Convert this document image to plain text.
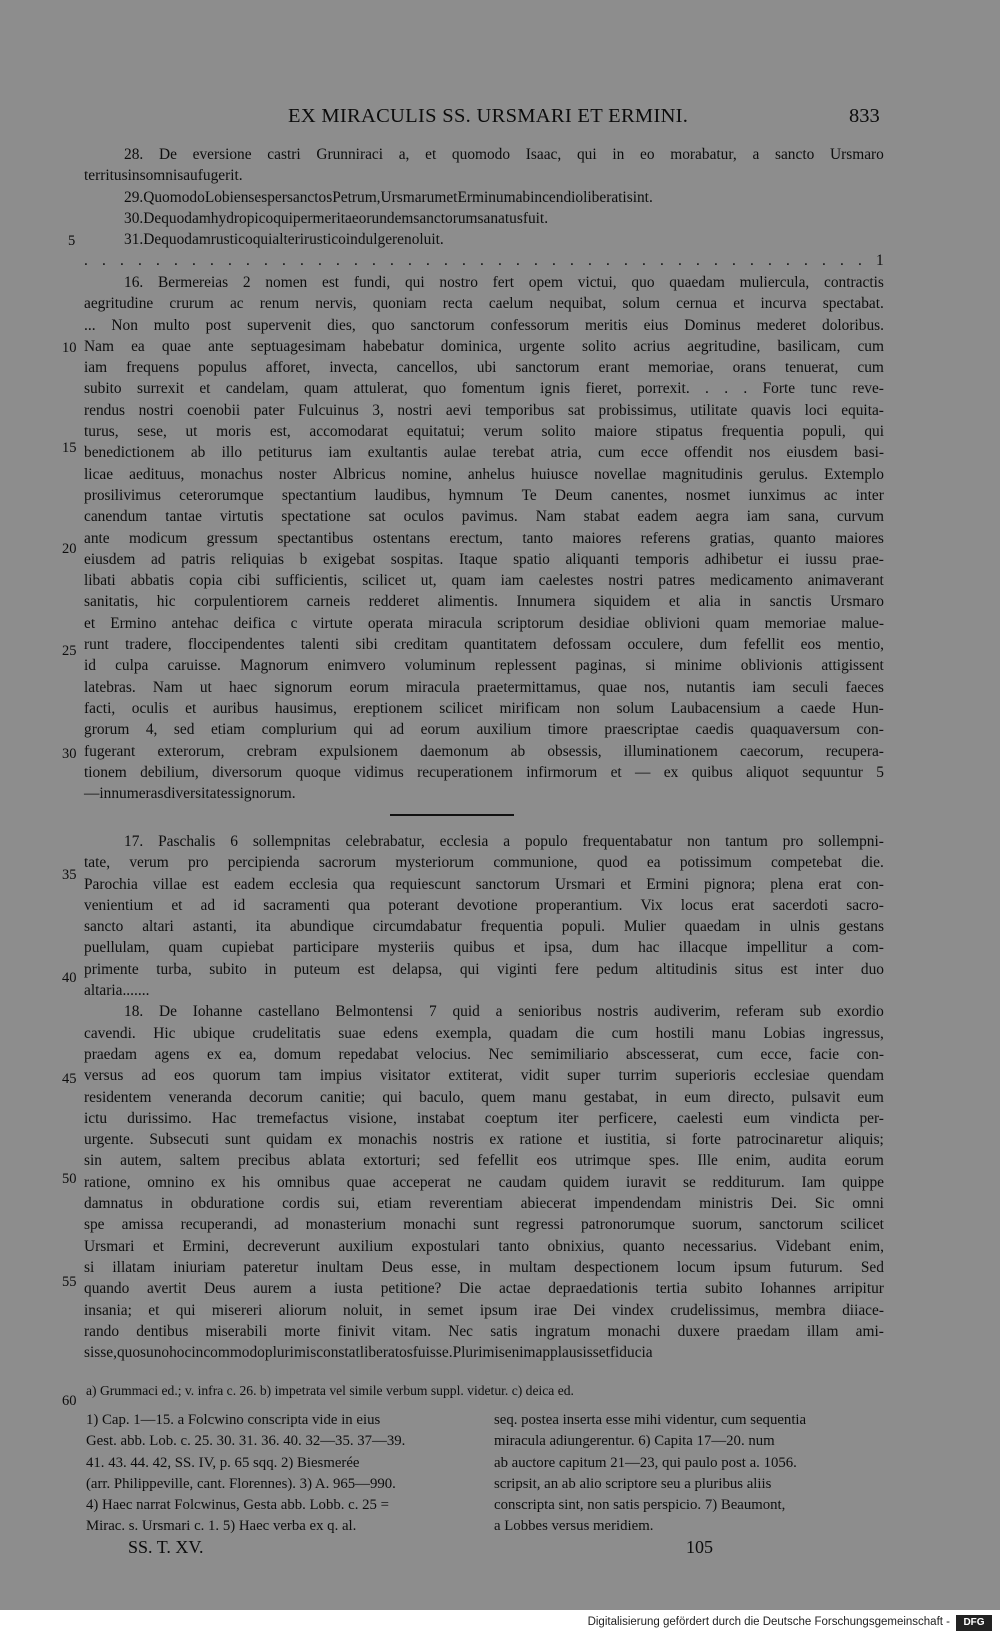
EX MIRACULIS SS. URSMARI ET ERMINI.	833
28. De eversione castri Grunniraci a, et quomodo Isaac, qui in eo morabatur, a sancto Ursmaro
territus in somnis aufugerit.
29. Quomodo Lobienses per sanctos Petrum, Ursmarum et Erminum ab incendio liberati sint.
30. De quodam hydropico qui per merita eorundem sanctorum sanatus fuit.
31. De quodam rustico qui alteri rustico indulgere noluit.
. . . . . . . . . . . . . . . . . . . . . . . . . . . . . . . . . . . . . . . . . . . . 1
16. Bermereias 2 nomen est fundi, qui nostro fert opem victui, quo quaedam muliercula, contractis
aegritudine crurum ac renum nervis, quoniam recta caelum nequibat, solum cernua et incurva spectabat.
... Non multo post supervenit dies, quo sanctorum confessorum meritis eius Dominus mederet doloribus.
Nam ea quae ante septuagesimam habebatur dominica, urgente solito acrius aegritudine, basilicam, cum
iam frequens populus afforet, invecta, cancellos, ubi sanctorum erant memoriae, orans tenuerat, cum
subito surrexit et candelam, quam attulerat, quo fomentum ignis fieret, porrexit. . . . Forte tunc reve-
rendus nostri coenobii pater Fulcuinus 3, nostri aevi temporibus sat probissimus, utilitate quavis loci equita-
turus, sese, ut moris est, accomodarat equitatui; verum solito maiore stipatus frequentia populi, qui
benedictionem ab illo petiturus iam exultantis aulae terebat atria, cum ecce offendit nos eiusdem basi-
licae aedituus, monachus noster Albricus nomine, anhelus huiusce novellae magnitudinis gerulus. Extemplo
prosilivimus ceterorumque spectantium laudibus, hymnum Te Deum canentes, nosmet iunximus ac inter
canendum tantae virtutis spectatione sat oculos pavimus. Nam stabat eadem aegra iam sana, curvum
ante modicum gressum spectantibus ostentans erectum, tanto maiores referens gratias, quanto maiores
eiusdem ad patris reliquias b exigebat sospitas. Itaque spatio aliquanti temporis adhibetur ei iussu prae-
libati abbatis copia cibi sufficientis, scilicet ut, quam iam caelestes nostri patres medicamento animaverant
sanitatis, hic corpulentiorem carneis redderet alimentis. Innumera siquidem et alia in sanctis Ursmaro
et Ermino antehac deifica c virtute operata miracula scriptorum desidiae oblivioni quam memoriae malue-
runt tradere, floccipendentes talenti sibi creditam quantitatem defossam occulere, dum fefellit eos mentio,
id culpa caruisse. Magnorum enimvero voluminum replessent paginas, si minime oblivionis attigissent
latebras. Nam ut haec signorum eorum miracula praetermittamus, quae nos, nutantis iam seculi faeces
facti, oculis et auribus hausimus, ereptionem scilicet mirificam non solum Laubacensium a caede Hun-
grorum 4, sed etiam complurium qui ad eorum auxilium timore praescriptae caedis quaquaversum con-
fugerant exterorum, crebram expulsionem daemonum ab obsessis, illuminationem caecorum, recupera-
tionem debilium, diversorum quoque vidimus recuperationem infirmorum et — ex quibus aliquot sequuntur 5
— innumeras diversitates signorum.
17. Paschalis 6 sollempnitas celebrabatur, ecclesia a populo frequentabatur non tantum pro sollempni-
tate, verum pro percipienda sacrorum mysteriorum communione, quod ea potissimum competebat die.
Parochia villae est eadem ecclesia qua requiescunt sanctorum Ursmari et Ermini pignora; plena erat con-
venientium et ad id sacramenti qua poterant devotione properantium. Vix locus erat sacerdoti sacro-
sancto altari astanti, ita abundique circumdabatur frequentia populi. Mulier quaedam in ulnis gestans
puellulam, quam cupiebat participare mysteriis quibus et ipsa, dum hac illacque impellitur a com-
primente turba, subito in puteum est delapsa, qui viginti fere pedum altitudinis situs est inter duo
altaria. . . . . . .
18. De Iohanne castellano Belmontensi 7 quid a senioribus nostris audiverim, referam sub exordio
cavendi. Hic ubique crudelitatis suae edens exempla, quadam die cum hostili manu Lobias ingressus,
praedam agens ex ea, domum repedabat velocius. Nec semimiliario abscesserat, cum ecce, facie con-
versus ad eos quorum tam impius visitator extiterat, vidit super turrim superioris ecclesiae quendam
residentem veneranda decorum canitie; qui baculo, quem manu gestabat, in eum directo, pulsavit eum
ictu durissimo. Hac tremefactus visione, instabat coeptum iter perficere, caelesti eum vindicta per-
urgente. Subsecuti sunt quidam ex monachis nostris ex ratione et iustitia, si forte patrocinaretur aliquis;
sin autem, saltem precibus ablata extorturi; sed fefellit eos utrimque spes. Ille enim, audita eorum
ratione, omnino ex his omnibus quae acceperat ne caudam quidem iuravit se redditurum. Iam quippe
damnatus in obduratione cordis sui, etiam reverentiam abiecerat impendendam ministris Dei. Sic omni
spe amissa recuperandi, ad monasterium monachi sunt regressi patronorumque suorum, sanctorum scilicet
Ursmari et Ermini, decreverunt auxilium expostulari tanto obnixius, quanto necessarius. Videbant enim,
si illatam iniuriam pateretur inultam Deus esse, in multam despectionem locum ipsum futurum. Sed
quando avertit Deus aurem a iusta petitione? Die actae depraedationis tertia subito Iohannes arripitur
insania; et qui misereri aliorum noluit, in semet ipsum irae Dei vindex crudelissimus, membra diiace-
rando dentibus miserabili morte finivit vitam. Nec satis ingratum monachi duxere praedam illam ami-
sisse, quos uno hoc incommodo plurimis constat liberatos fuisse. Plurimis enim applausisset fiducia
5
10
15
20
25
30
35
40
45
50
55
60
a) Grummaci ed.; v. infra c. 26. b) impetrata vel simile verbum suppl. videtur. c) deica ed.
1) Cap. 1—15. a Folcwino conscripta vide in eius
Gest. abb. Lob. c. 25. 30. 31. 36. 40. 32—35. 37—39.
41. 43. 44. 42, SS. IV, p. 65 sqq. 2) Biesmerée
(arr. Philippeville, cant. Florennes). 3) A. 965—990.
4) Haec narrat Folcwinus, Gesta abb. Lobb. c. 25 =
Mirac. s. Ursmari c. 1. 5) Haec verba ex q. al.
seq. postea inserta esse mihi videntur, cum sequentia
miracula adiungerentur. 6) Capita 17—20. num
ab auctore capitum 21—23, qui paulo post a. 1056.
scripsit, an ab alio scriptore seu a pluribus aliis
conscripta sint, non satis perspicio. 7) Beaumont,
a Lobbes versus meridiem.
SS. T. XV.	105
Digitalisierung gefördert durch die Deutsche Forschungsgemeinschaft -	DFG
